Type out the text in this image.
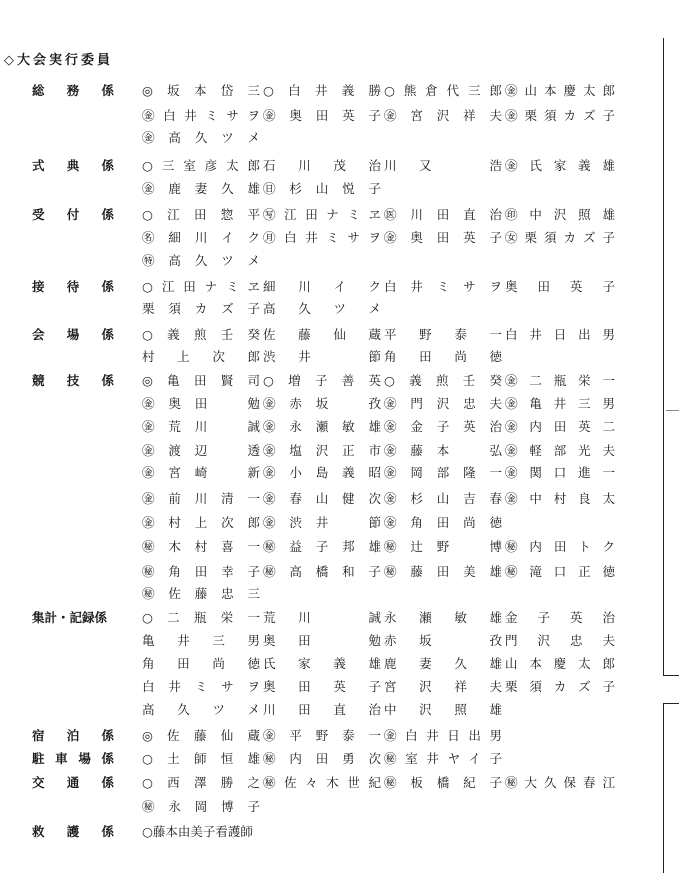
◇大会実行委員
総務係 ◎坂本岱三 ○白井義勝 ○熊倉代三郎 ㊎山本慶太郎
㊎白井ミサヲ ㊎奥田英子 ㊎宮沢祥夫 ㊎栗須カズ子
㊎高久ツメ
式典係 ○三室彦太郎 石川茂治 川又　浩 ㊎氏家義雄
㊎鹿妻久雄 ㊐杉山悦子
受付係 ○江田惣平 ㊢江田ナミヱ ㊩川田直治 ㊞中沢照雄
㊔細川イク ㊊白井ミサヲ ㊎奥田英子 ㊛栗須カズ子
㊕高久ツメ
接待係 ○江田ナミヱ 細川イク 白井ミサヲ 奥田英子
栗須カズ子 高久ツメ
会場係 ○義煎壬癸 佐藤仙蔵 平野泰一 白井日出男
村上次郎 渋井　節 角田尚徳
競技係 ◎亀田賢司 ○増子善英 ○義煎壬癸 ㊎二瓶栄一
㊎奥田　勉 ㊎赤坂　孜 ㊎門沢忠夫 ㊎亀井三男
㊎荒川　誠 ㊎永瀬敏雄 ㊎金子英治 ㊎内田英二
㊎渡辺　透 ㊎塩沢正市 ㊎藤本　弘 ㊎軽部光夫
㊎宮崎　新 ㊎小島義昭 ㊎岡部隆一 ㊎関口進一
㊎前川清一 ㊎春山健次 ㊎杉山吉春 ㊎中村良太
㊎村上次郎 ㊎渋井　節 ㊎角田尚徳
㊙木村喜一 ㊙益子邦雄 ㊙辻野　博 ㊙内田トク
㊙角田幸子 ㊙高橋和子 ㊙藤田美雄 ㊙滝口正徳
㊙佐藤忠三
集計・記録係	○二瓶栄一 荒川　誠 永瀬敏雄 金子英治
亀井三男 奥田　勉 赤坂　孜 門沢忠夫
角田尚徳 氏家義雄 鹿妻久雄 山本慶太郎
白井ミサヲ 奥田英子 宮沢祥夫 栗須カズ子
高久ツメ 川田直治 中沢照雄
宿泊係 ◎佐藤仙蔵 ㊎平野泰一 ㊎白井日出男
駐車場係 ○土師恒雄 ㊙内田勇次 ㊙室井ヤイ子
交通係 ○西澤勝之 ㊙佐々木世紀 ㊙板橋紀子 ㊙大久保春江
㊙永岡博子
救護係 ○藤本由美子看護師
